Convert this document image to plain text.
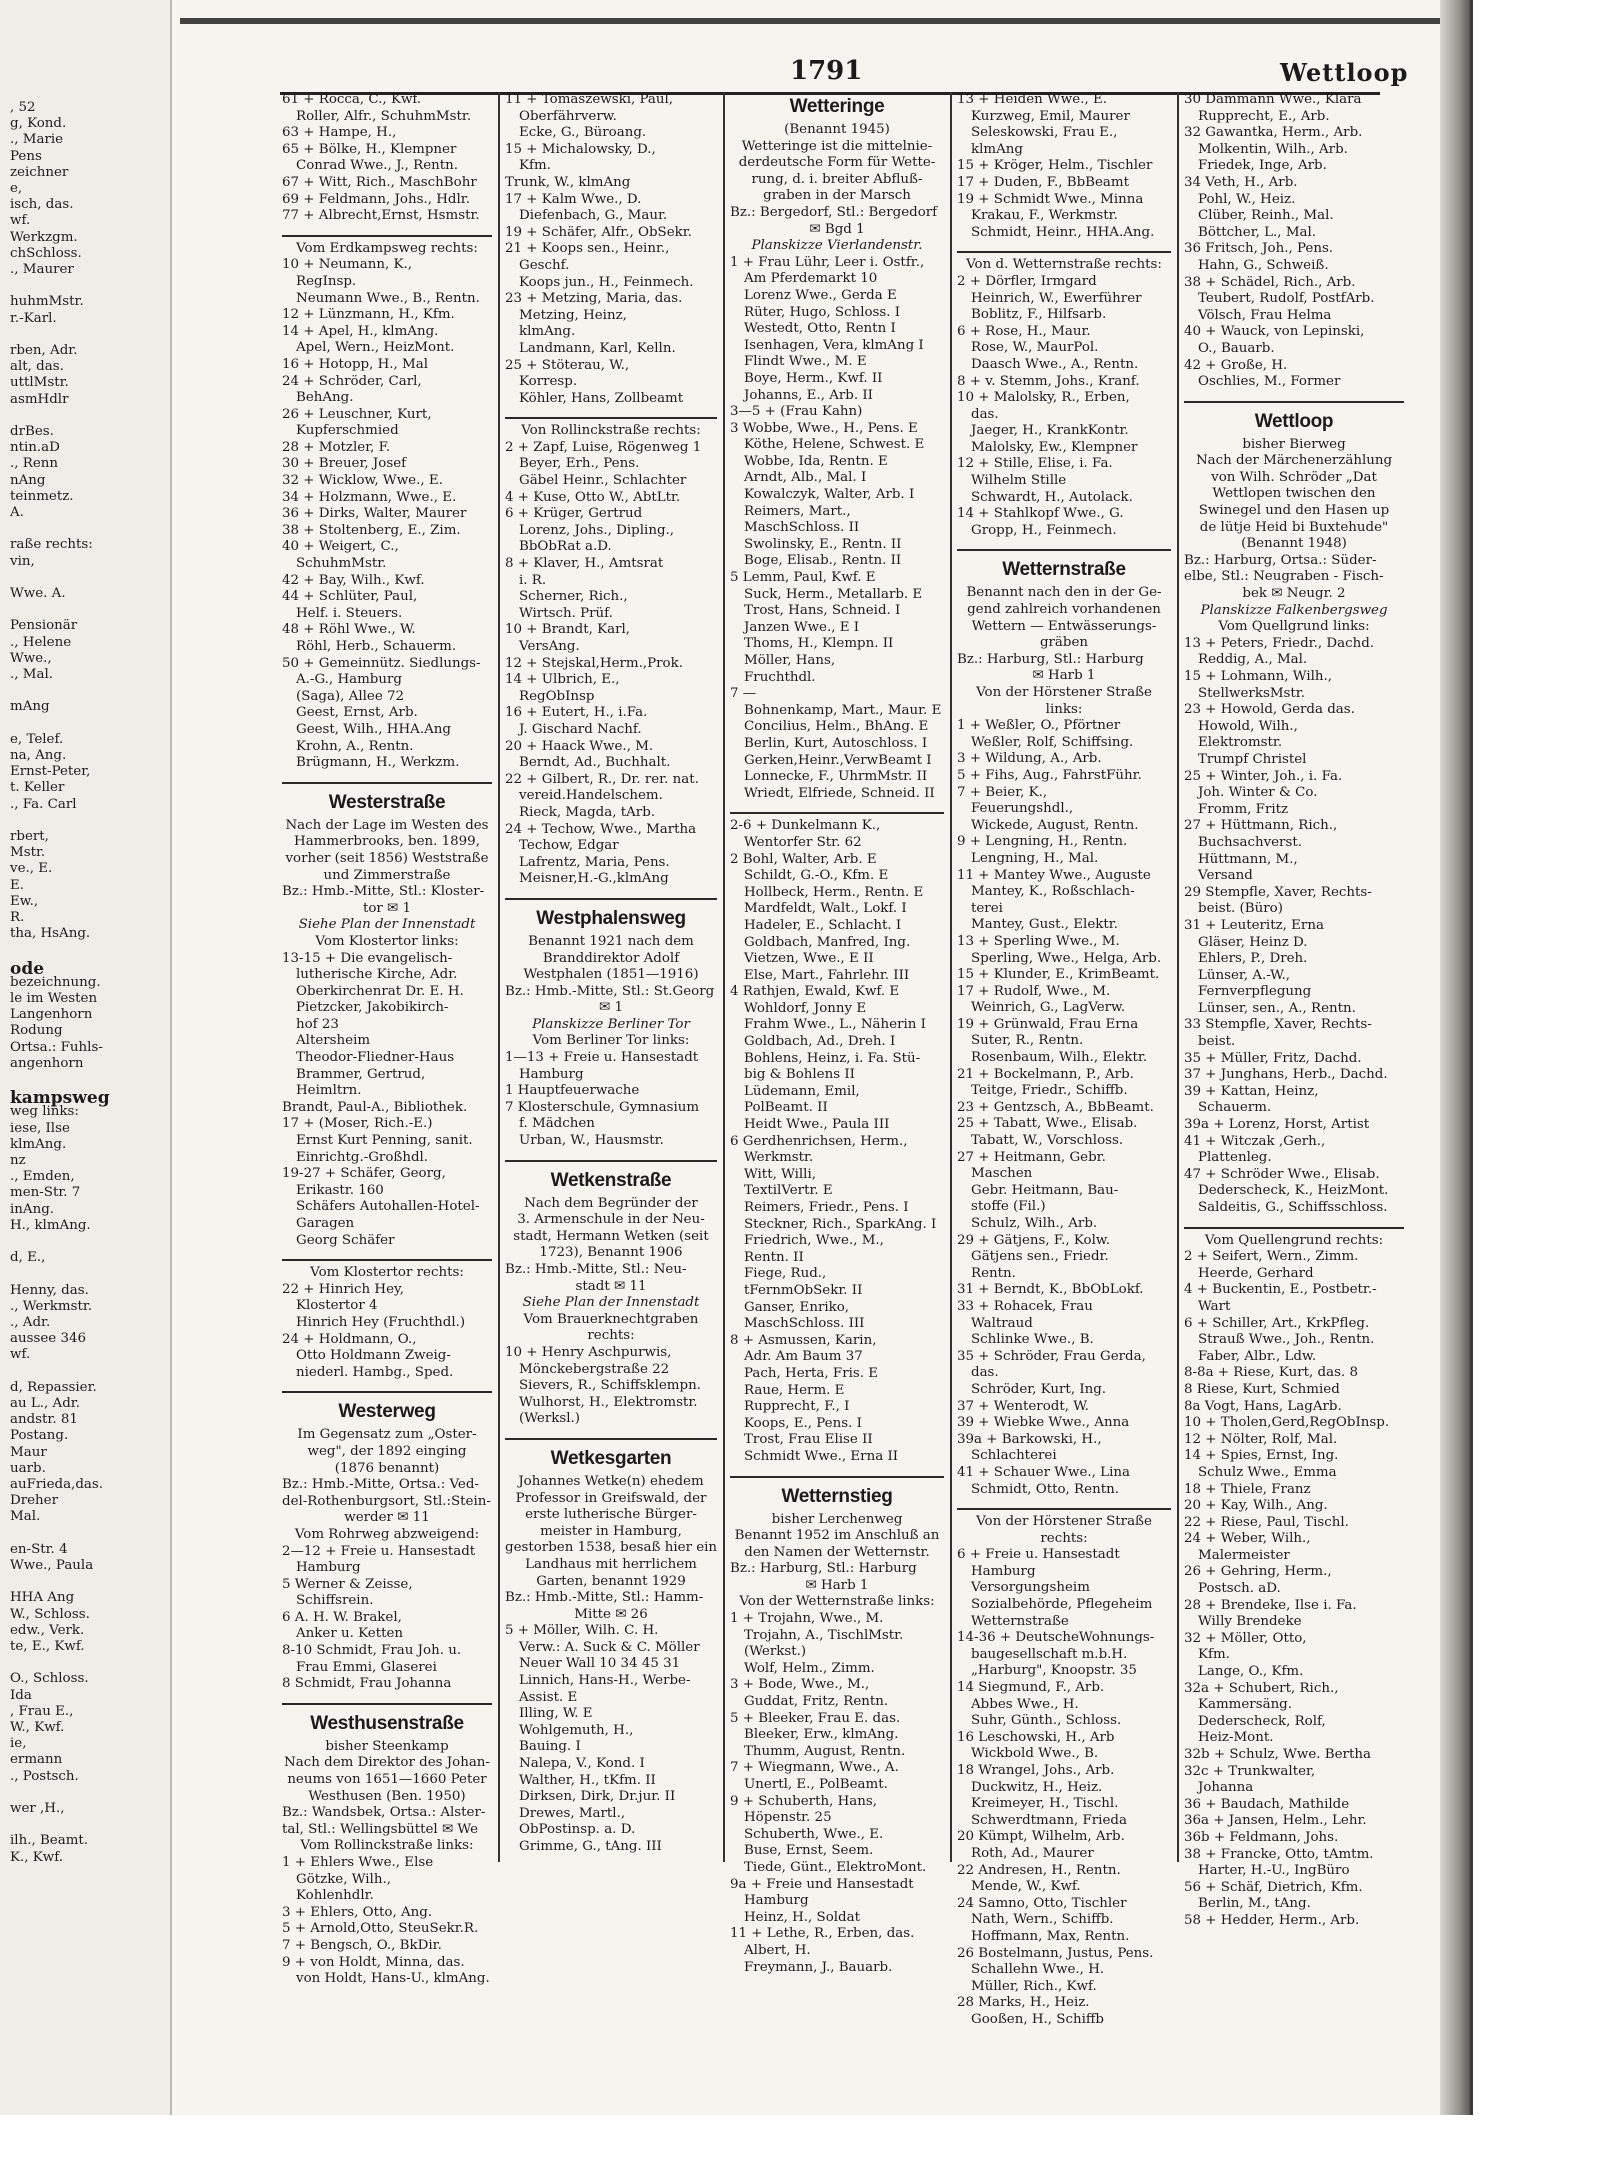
, 52
g, Kond.
., Marie
Pens
zeichner
e,
isch, das.
wf.
Werkzgm.
chSchloss.
., Maurer
huhmMstr.
r.-Karl.
rben, Adr.
alt, das.
uttlMstr.
asmHdlr
drBes.
ntin.aD
., Renn
nAng
teinmetz.
A.
raße rechts:
vin,
Wwe. A.
Pensionär
., Helene
Wwe.,
., Mal.
mAng
e, Telef.
na, Ang.
Ernst-Peter,
t. Keller
., Fa. Carl
rbert,
Mstr.
ve., E.
E.
Ew.,
R.
tha, HsAng.
ode
bezeichnung.
le im Westen
Langenhorn
Rodung
Ortsa.: Fuhls-
angenhorn
kampsweg
weg links:
iese, Ilse
klmAng.
nz
., Emden,
men-Str. 7
inAng.
H., klmAng.
d, E.,
Henny, das.
., Werkmstr.
., Adr.
aussee 346
wf.
d, Repassier.
au L., Adr.
andstr. 81
Postang.
Maur
uarb.
auFrieda,das.
Dreher
Mal.
en-Str. 4
Wwe., Paula
HHA Ang
W., Schloss.
edw., Verk.
te, E., Kwf.
O., Schloss.
Ida
, Frau E.,
W., Kwf.
ie,
ermann
., Postsch.
wer ,H.,
ilh., Beamt.
K., Kwf.
1791	Wettloop
61 + Rocca, C., Kwf.
Roller, Alfr., SchuhmMstr.
63 + Hampe, H.,
65 + Bölke, H., Klempner
Conrad Wwe., J., Rentn.
67 + Witt, Rich., MaschBohr
69 + Feldmann, Johs., Hdlr.
77 + Albrecht,Ernst, Hsmstr.
Vom Erdkampsweg rechts:
10 + Neumann, K.,
RegInsp.
Neumann Wwe., B., Rentn.
12 + Lünzmann, H., Kfm.
14 + Apel, H., klmAng.
Apel, Wern., HeizMont.
16 + Hotopp, H., Mal
24 + Schröder, Carl,
BehAng.
26 + Leuschner, Kurt,
Kupferschmied
28 + Motzler, F.
30 + Breuer, Josef
32 + Wicklow, Wwe., E.
34 + Holzmann, Wwe., E.
36 + Dirks, Walter, Maurer
38 + Stoltenberg, E., Zim.
40 + Weigert, C.,
SchuhmMstr.
42 + Bay, Wilh., Kwf.
44 + Schlüter, Paul,
Helf. i. Steuers.
48 + Röhl Wwe., W.
Röhl, Herb., Schauerm.
50 + Gemeinnütz. Siedlungs-
A.-G., Hamburg
(Saga), Allee 72
Geest, Ernst, Arb.
Geest, Wilh., HHA.Ang
Krohn, A., Rentn.
Brügmann, H., Werkzm.
Westerstraße
Nach der Lage im Westen des
Hammerbrooks, ben. 1899,
vorher (seit 1856) Weststraße
und Zimmerstraße
Bz.: Hmb.-Mitte, Stl.: Kloster-
tor ✉ 1
Siehe Plan der Innenstadt
Vom Klostertor links:
13-15 + Die evangelisch-
lutherische Kirche, Adr.
Oberkirchenrat Dr. E. H.
Pietzcker, Jakobikirch-
hof 23
Altersheim
Theodor-Fliedner-Haus
Brammer, Gertrud,
Heimltrn.
Brandt, Paul-A., Bibliothek.
17 + (Moser, Rich.-E.)
Ernst Kurt Penning, sanit.
Einrichtg.-Großhdl.
19-27 + Schäfer, Georg,
Erikastr. 160
Schäfers Autohallen-Hotel-
Garagen
Georg Schäfer
Vom Klostertor rechts:
22 + Hinrich Hey,
Klostertor 4
Hinrich Hey (Fruchthdl.)
24 + Holdmann, O.,
Otto Holdmann Zweig-
niederl. Hambg., Sped.
Westerweg
Im Gegensatz zum „Oster-
weg", der 1892 einging
(1876 benannt)
Bz.: Hmb.-Mitte, Ortsa.: Ved-
del-Rothenburgsort, Stl.:Stein-
werder ✉ 11
Vom Rohrweg abzweigend:
2—12 + Freie u. Hansestadt
Hamburg
5 Werner & Zeisse,
Schiffsrein.
6 A. H. W. Brakel,
Anker u. Ketten
8-10 Schmidt, Frau Joh. u.
Frau Emmi, Glaserei
8 Schmidt, Frau Johanna
Westhusenstraße
bisher Steenkamp
Nach dem Direktor des Johan-
neums von 1651—1660 Peter
Westhusen (Ben. 1950)
Bz.: Wandsbek, Ortsa.: Alster-
tal, Stl.: Wellingsbüttel ✉ We
Vom Rollinckstraße links:
1 + Ehlers Wwe., Else
Götzke, Wilh.,
Kohlenhdlr.
3 + Ehlers, Otto, Ang.
5 + Arnold,Otto, SteuSekr.R.
7 + Bengsch, O., BkDir.
9 + von Holdt, Minna, das.
von Holdt, Hans-U., klmAng.
11 + Tomaszewski, Paul,
Oberfährverw.
Ecke, G., Büroang.
15 + Michalowsky, D.,
Kfm.
Trunk, W., klmAng
17 + Kalm Wwe., D.
Diefenbach, G., Maur.
19 + Schäfer, Alfr., ObSekr.
21 + Koops sen., Heinr.,
Geschf.
Koops jun., H., Feinmech.
23 + Metzing, Maria, das.
Metzing, Heinz,
klmAng.
Landmann, Karl, Kelln.
25 + Stöterau, W.,
Korresp.
Köhler, Hans, Zollbeamt
Von Rollinckstraße rechts:
2 + Zapf, Luise, Rögenweg 1
Beyer, Erh., Pens.
Gäbel Heinr., Schlachter
4 + Kuse, Otto W., AbtLtr.
6 + Krüger, Gertrud
Lorenz, Johs., Dipling.,
BbObRat a.D.
8 + Klaver, H., Amtsrat
i. R.
Scherner, Rich.,
Wirtsch. Prüf.
10 + Brandt, Karl,
VersAng.
12 + Stejskal,Herm.,Prok.
14 + Ulbrich, E.,
RegObInsp
16 + Eutert, H., i.Fa.
J. Gischard Nachf.
20 + Haack Wwe., M.
Berndt, Ad., Buchhalt.
22 + Gilbert, R., Dr. rer. nat.
vereid.Handelschem.
Rieck, Magda, tArb.
24 + Techow, Wwe., Martha
Techow, Edgar
Lafrentz, Maria, Pens.
Meisner,H.-G.,klmAng
Westphalensweg
Benannt 1921 nach dem
Branddirektor Adolf
Westphalen (1851—1916)
Bz.: Hmb.-Mitte, Stl.: St.Georg
✉ 1
Planskizze Berliner Tor
Vom Berliner Tor links:
1—13 + Freie u. Hansestadt
Hamburg
1 Hauptfeuerwache
7 Klosterschule, Gymnasium
f. Mädchen
Urban, W., Hausmstr.
Wetkenstraße
Nach dem Begründer der
3. Armenschule in der Neu-
stadt, Hermann Wetken (seit
1723), Benannt 1906
Bz.: Hmb.-Mitte, Stl.: Neu-
stadt ✉ 11
Siehe Plan der Innenstadt
Vom Brauerknechtgraben
rechts:
10 + Henry Aschpurwis,
Mönckebergstraße 22
Sievers, R., Schiffsklempn.
Wulhorst, H., Elektromstr.
(Werksl.)
Wetkesgarten
Johannes Wetke(n) ehedem
Professor in Greifswald, der
erste lutherische Bürger-
meister in Hamburg,
gestorben 1538, besaß hier ein
Landhaus mit herrlichem
Garten, benannt 1929
Bz.: Hmb.-Mitte, Stl.: Hamm-
Mitte ✉ 26
5 + Möller, Wilh. C. H.
Verw.: A. Suck & C. Möller
Neuer Wall 10 34 45 31
Linnich, Hans-H., Werbe-
Assist. E
Illing, W. E
Wohlgemuth, H.,
Bauing. I
Nalepa, V., Kond. I
Walther, H., tKfm. II
Dirksen, Dirk, Dr.jur. II
Drewes, Martl.,
ObPostinsp. a. D.
Grimme, G., tAng. III
Wetteringe
(Benannt 1945)
Wetteringe ist die mittelnie-
derdeutsche Form für Wette-
rung, d. i. breiter Abfluß-
graben in der Marsch
Bz.: Bergedorf, Stl.: Bergedorf
✉ Bgd 1
Planskizze Vierlandenstr.
1 + Frau Lühr, Leer i. Ostfr.,
Am Pferdemarkt 10
Lorenz Wwe., Gerda E
Rüter, Hugo, Schloss. I
Westedt, Otto, Rentn I
Isenhagen, Vera, klmAng I
Flindt Wwe., M. E
Boye, Herm., Kwf. II
Johanns, E., Arb. II
3—5 + (Frau Kahn)
3 Wobbe, Wwe., H., Pens. E
Köthe, Helene, Schwest. E
Wobbe, Ida, Rentn. E
Arndt, Alb., Mal. I
Kowalczyk, Walter, Arb. I
Reimers, Mart.,
MaschSchloss. II
Swolinsky, E., Rentn. II
Boge, Elisab., Rentn. II
5 Lemm, Paul, Kwf. E
Suck, Herm., Metallarb. E
Trost, Hans, Schneid. I
Janzen Wwe., E I
Thoms, H., Klempn. II
Möller, Hans,
Fruchthdl.
7 —
Bohnenkamp, Mart., Maur. E
Concilius, Helm., BhAng. E
Berlin, Kurt, Autoschloss. I
Gerken,Heinr.,VerwBeamt I
Lonnecke, F., UhrmMstr. II
Wriedt, Elfriede, Schneid. II
2-6 + Dunkelmann K.,
Wentorfer Str. 62
2 Bohl, Walter, Arb. E
Schildt, G.-O., Kfm. E
Hollbeck, Herm., Rentn. E
Mardfeldt, Walt., Lokf. I
Hadeler, E., Schlacht. I
Goldbach, Manfred, Ing.
Vietzen, Wwe., E II
Else, Mart., Fahrlehr. III
4 Rathjen, Ewald, Kwf. E
Wohldorf, Jonny E
Frahm Wwe., L., Näherin I
Goldbach, Ad., Dreh. I
Bohlens, Heinz, i. Fa. Stü-
big & Bohlens II
Lüdemann, Emil,
PolBeamt. II
Heidt Wwe., Paula III
6 Gerdhenrichsen, Herm.,
Werkmstr.
Witt, Willi,
TextilVertr. E
Reimers, Friedr., Pens. I
Steckner, Rich., SparkAng. I
Friedrich, Wwe., M.,
Rentn. II
Fiege, Rud.,
tFernmObSekr. II
Ganser, Enriko,
MaschSchloss. III
8 + Asmussen, Karin,
Adr. Am Baum 37
Pach, Herta, Fris. E
Raue, Herm. E
Rupprecht, F., I
Koops, E., Pens. I
Trost, Frau Elise II
Schmidt Wwe., Erna II
Wetternstieg
bisher Lerchenweg
Benannt 1952 im Anschluß an
den Namen der Wetternstr.
Bz.: Harburg, Stl.: Harburg
✉ Harb 1
Von der Wetternstraße links:
1 + Trojahn, Wwe., M.
Trojahn, A., TischlMstr.
(Werkst.)
Wolf, Helm., Zimm.
3 + Bode, Wwe., M.,
Guddat, Fritz, Rentn.
5 + Bleeker, Frau E. das.
Bleeker, Erw., klmAng.
Thumm, August, Rentn.
7 + Wiegmann, Wwe., A.
Unertl, E., PolBeamt.
9 + Schuberth, Hans,
Höpenstr. 25
Schuberth, Wwe., E.
Buse, Ernst, Seem.
Tiede, Günt., ElektroMont.
9a + Freie und Hansestadt
Hamburg
Heinz, H., Soldat
11 + Lethe, R., Erben, das.
Albert, H.
Freymann, J., Bauarb.
13 + Heiden Wwe., E.
Kurzweg, Emil, Maurer
Seleskowski, Frau E.,
klmAng
15 + Kröger, Helm., Tischler
17 + Duden, F., BbBeamt
19 + Schmidt Wwe., Minna
Krakau, F., Werkmstr.
Schmidt, Heinr., HHA.Ang.
Von d. Wetternstraße rechts:
2 + Dörfler, Irmgard
Heinrich, W., Ewerführer
Boblitz, F., Hilfsarb.
6 + Rose, H., Maur.
Rose, W., MaurPol.
Daasch Wwe., A., Rentn.
8 + v. Stemm, Johs., Kranf.
10 + Malolsky, R., Erben,
das.
Jaeger, H., KrankKontr.
Malolsky, Ew., Klempner
12 + Stille, Elise, i. Fa.
Wilhelm Stille
Schwardt, H., Autolack.
14 + Stahlkopf Wwe., G.
Gropp, H., Feinmech.
Wetternstraße
Benannt nach den in der Ge-
gend zahlreich vorhandenen
Wettern — Entwässerungs-
gräben
Bz.: Harburg, Stl.: Harburg
✉ Harb 1
Von der Hörstener Straße
links:
1 + Weßler, O., Pförtner
Weßler, Rolf, Schiffsing.
3 + Wildung, A., Arb.
5 + Fihs, Aug., FahrstFühr.
7 + Beier, K.,
Feuerungshdl.,
Wickede, August, Rentn.
9 + Lengning, H., Rentn.
Lengning, H., Mal.
11 + Mantey Wwe., Auguste
Mantey, K., Roßschlach-
terei
Mantey, Gust., Elektr.
13 + Sperling Wwe., M.
Sperling, Wwe., Helga, Arb.
15 + Klunder, E., KrimBeamt.
17 + Rudolf, Wwe., M.
Weinrich, G., LagVerw.
19 + Grünwald, Frau Erna
Suter, R., Rentn.
Rosenbaum, Wilh., Elektr.
21 + Bockelmann, P., Arb.
Teitge, Friedr., Schiffb.
23 + Gentzsch, A., BbBeamt.
25 + Tabatt, Wwe., Elisab.
Tabatt, W., Vorschloss.
27 + Heitmann, Gebr.
Maschen
Gebr. Heitmann, Bau-
stoffe (Fil.)
Schulz, Wilh., Arb.
29 + Gätjens, F., Kolw.
Gätjens sen., Friedr.
Rentn.
31 + Berndt, K., BbObLokf.
33 + Rohacek, Frau
Waltraud
Schlinke Wwe., B.
35 + Schröder, Frau Gerda,
das.
Schröder, Kurt, Ing.
37 + Wenterodt, W.
39 + Wiebke Wwe., Anna
39a + Barkowski, H.,
Schlachterei
41 + Schauer Wwe., Lina
Schmidt, Otto, Rentn.
Von der Hörstener Straße
rechts:
6 + Freie u. Hansestadt
Hamburg
Versorgungsheim
Sozialbehörde, Pflegeheim
Wetternstraße
14-36 + DeutscheWohnungs-
baugesellschaft m.b.H.
„Harburg", Knoopstr. 35
14 Siegmund, F., Arb.
Abbes Wwe., H.
Suhr, Günth., Schloss.
16 Leschowski, H., Arb
Wickbold Wwe., B.
18 Wrangel, Johs., Arb.
Duckwitz, H., Heiz.
Kreimeyer, H., Tischl.
Schwerdtmann, Frieda
20 Kümpt, Wilhelm, Arb.
Roth, Ad., Maurer
22 Andresen, H., Rentn.
Mende, W., Kwf.
24 Samno, Otto, Tischler
Nath, Wern., Schiffb.
Hoffmann, Max, Rentn.
26 Bostelmann, Justus, Pens.
Schallehn Wwe., H.
Müller, Rich., Kwf.
28 Marks, H., Heiz.
Gooßen, H., Schiffb
30 Dammann Wwe., Klara
Rupprecht, E., Arb.
32 Gawantka, Herm., Arb.
Molkentin, Wilh., Arb.
Friedek, Inge, Arb.
34 Veth, H., Arb.
Pohl, W., Heiz.
Clüber, Reinh., Mal.
Böttcher, L., Mal.
36 Fritsch, Joh., Pens.
Hahn, G., Schweiß.
38 + Schädel, Rich., Arb.
Teubert, Rudolf, PostfArb.
Völsch, Frau Helma
40 + Wauck, von Lepinski,
O., Bauarb.
42 + Große, H.
Oschlies, M., Former
Wettloop
bisher Bierweg
Nach der Märchenerzählung
von Wilh. Schröder „Dat
Wettlopen twischen den
Swinegel und den Hasen up
de lütje Heid bi Buxtehude"
(Benannt 1948)
Bz.: Harburg, Ortsa.: Süder-
elbe, Stl.: Neugraben - Fisch-
bek ✉ Neugr. 2
Planskizze Falkenbergsweg
Vom Quellgrund links:
13 + Peters, Friedr., Dachd.
Reddig, A., Mal.
15 + Lohmann, Wilh.,
StellwerksMstr.
23 + Howold, Gerda das.
Howold, Wilh.,
Elektromstr.
Trumpf Christel
25 + Winter, Joh., i. Fa.
Joh. Winter & Co.
Fromm, Fritz
27 + Hüttmann, Rich.,
Buchsachverst.
Hüttmann, M.,
Versand
29 Stempfle, Xaver, Rechts-
beist. (Büro)
31 + Leuteritz, Erna
Gläser, Heinz D.
Ehlers, P., Dreh.
Lünser, A.-W.,
Fernverpflegung
Lünser, sen., A., Rentn.
33 Stempfle, Xaver, Rechts-
beist.
35 + Müller, Fritz, Dachd.
37 + Junghans, Herb., Dachd.
39 + Kattan, Heinz,
Schauerm.
39a + Lorenz, Horst, Artist
41 + Witczak ,Gerh.,
Plattenleg.
47 + Schröder Wwe., Elisab.
Dederscheck, K., HeizMont.
Saldeitis, G., Schiffsschloss.
Vom Quellengrund rechts:
2 + Seifert, Wern., Zimm.
Heerde, Gerhard
4 + Buckentin, E., Postbetr.-
Wart
6 + Schiller, Art., KrkPfleg.
Strauß Wwe., Joh., Rentn.
Faber, Albr., Ldw.
8-8a + Riese, Kurt, das. 8
8 Riese, Kurt, Schmied
8a Vogt, Hans, LagArb.
10 + Tholen,Gerd,RegObInsp.
12 + Nölter, Rolf, Mal.
14 + Spies, Ernst, Ing.
Schulz Wwe., Emma
18 + Thiele, Franz
20 + Kay, Wilh., Ang.
22 + Riese, Paul, Tischl.
24 + Weber, Wilh.,
Malermeister
26 + Gehring, Herm.,
Postsch. aD.
28 + Brendeke, Ilse i. Fa.
Willy Brendeke
32 + Möller, Otto,
Kfm.
Lange, O., Kfm.
32a + Schubert, Rich.,
Kammersäng.
Dederscheck, Rolf,
Heiz-Mont.
32b + Schulz, Wwe. Bertha
32c + Trunkwalter,
Johanna
36 + Baudach, Mathilde
36a + Jansen, Helm., Lehr.
36b + Feldmann, Johs.
38 + Francke, Otto, tAmtm.
Harter, H.-U., IngBüro
56 + Schäf, Dietrich, Kfm.
Berlin, M., tAng.
58 + Hedder, Herm., Arb.
